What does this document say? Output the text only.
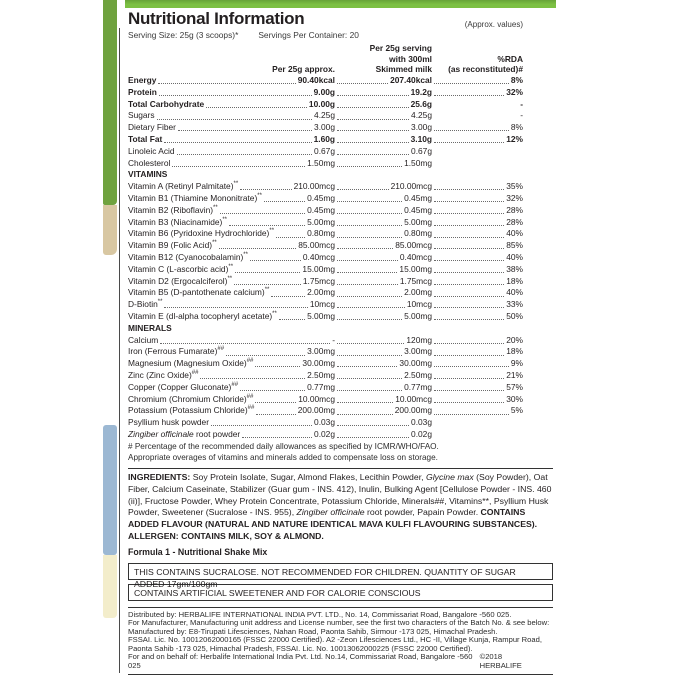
Nutritional Information	(Approx. values)
Serving Size: 25g (3 scoops)* Servings Per Container: 20
Per 25g approx.
Per 25g serving
with 300ml
Skimmed milk
%RDA
(as reconstituted)#
Energy	90.40kcal	207.40kcal	8%
Protein	9.00g	19.2g	32%
Total Carbohydrate	10.00g	25.6g	-
Sugars	4.25g	4.25g	-
Dietary Fiber	3.00g	3.00g	8%
Total Fat	1.60g	3.10g	12%
Linoleic Acid	0.67g	0.67g
Cholesterol	1.50mg	1.50mg
VITAMINS
Vitamin A (Retinyl Palmitate)**	210.00mcg	210.00mcg	35%
Vitamin B1 (Thiamine Mononitrate)**	0.45mg	0.45mg	32%
Vitamin B2 (Riboflavin)**	0.45mg	0.45mg	28%
Vitamin B3 (Niacinamide)**	5.00mg	5.00mg	28%
Vitamin B6 (Pyridoxine Hydrochloride)**	0.80mg	0.80mg	40%
Vitamin B9 (Folic Acid)**	85.00mcg	85.00mcg	85%
Vitamin B12 (Cyanocobalamin)**	0.40mcg	0.40mcg	40%
Vitamin C (L-ascorbic acid)**	15.00mg	15.00mg	38%
Vitamin D2 (Ergocalciferol)**	1.75mcg	1.75mcg	18%
Vitamin B5 (D-pantothenate calcium)**	2.00mg	2.00mg	40%
D-Biotin**	10mcg	10mcg	33%
Vitamin E (dl-alpha tocopheryl acetate)**	5.00mg	5.00mg	50%
MINERALS
Calcium	-	120mg	20%
Iron (Ferrous Fumarate)##	3.00mg	3.00mg	18%
Magnesium (Magnesium Oxide)##	30.00mg	30.00mg	9%
Zinc (Zinc Oxide)##	2.50mg	2.50mg	21%
Copper (Copper Gluconate)##	0.77mg	0.77mg	57%
Chromium (Chromium Chloride)##	10.00mcg	10.00mcg	30%
Potassium (Potassium Chloride)##	200.00mg	200.00mg	5%
Psyllium husk powder	0.03g	0.03g
Zingiber officinale root powder	0.02g	0.02g
# Percentage of the recommended daily allowances as specified by ICMR/WHO/FAO.
Appropriate overages of vitamins and minerals added to compensate loss on storage.
INGREDIENTS: Soy Protein Isolate, Sugar, Almond Flakes, Lecithin Powder, Glycine max (Soy Powder), Oat Fiber, Calcium Caseinate, Stabilizer (Guar gum - INS. 412), Inulin, Bulking Agent [Cellulose Powder - INS. 460 (ii)], Fructose Powder, Whey Protein Concentrate, Potassium Chloride, Minerals##, Vitamins**, Psyllium Husk Powder, Sweetener (Sucralose - INS. 955), Zingiber officinale root powder, Papain Powder. CONTAINS ADDED FLAVOUR (NATURAL AND NATURE IDENTICAL MAVA KULFI FLAVOURING SUBSTANCES). ALLERGEN: CONTAINS MILK, SOY & ALMOND.
Formula 1 - Nutritional Shake Mix
THIS CONTAINS SUCRALOSE. NOT RECOMMENDED FOR CHILDREN. QUANTITY OF SUGAR ADDED 17gm/100gm
CONTAINS ARTIFICIAL SWEETENER AND FOR CALORIE CONSCIOUS
Distributed by: HERBALIFE INTERNATIONAL INDIA PVT. LTD., No. 14, Commissariat Road, Bangalore -560 025.
For Manufacturer, Manufacturing unit address and License number, see the first two characters of the Batch No. & see below:
Manufactured by: E8-Tirupati Lifesciences, Nahan Road, Paonta Sahib, Sirmour -173 025, Himachal Pradesh.
FSSAI. Lic. No. 10012062000165 (FSSC 22000 Certified). A2 -Zeon Lifesciences Ltd., HC -II, Village Kunja, Rampur Road,
Paonta Sahib -173 025, Himachal Pradesh, FSSAI. Lic. No. 10013062000225 (FSSC 22000 Certified).
For and on behalf of: Herbalife International India Pvt. Ltd. No.14, Commissariat Road, Bangalore -560 025
©2018 HERBALIFE
